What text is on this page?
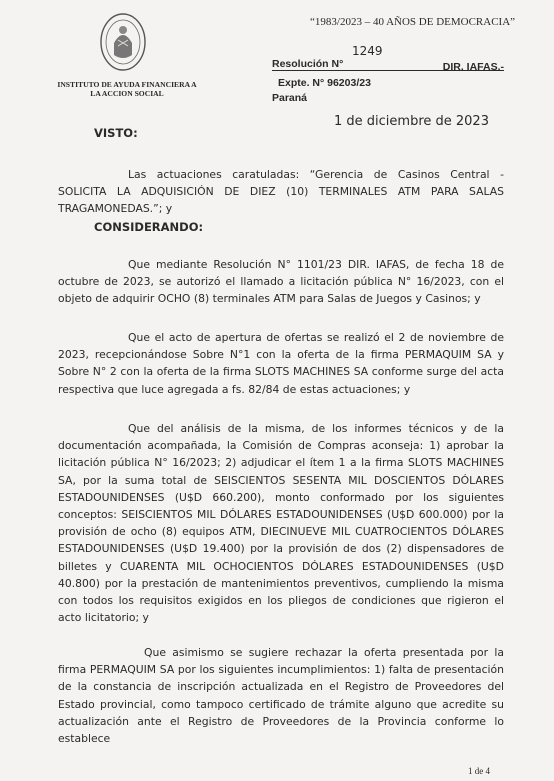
INSTITUTO DE AYUDA FINANCIERA A LA ACCION SOCIAL
“1983/2023 – 40 AÑOS DE DEMOCRACIA”
1249
Resolución N°	DIR. IAFAS.-
Expte. N° 96203/23
Paraná
1 de diciembre de 2023
VISTO:
Las actuaciones caratuladas: “Gerencia de Casinos Central - SOLICITA LA ADQUISICIÓN DE DIEZ (10) TERMINALES ATM PARA SALAS TRAGAMONEDAS.”; y
CONSIDERANDO:
Que mediante Resolución N° 1101/23 DIR. IAFAS, de fecha 18 de octubre de 2023, se autorizó el llamado a licitación pública N° 16/2023, con el objeto de adquirir OCHO (8) terminales ATM para Salas de Juegos y Casinos; y
Que el acto de apertura de ofertas se realizó el 2 de noviembre de 2023, recepcionándose Sobre N°1 con la oferta de la firma PERMAQUIM SA y Sobre N° 2 con la oferta de la firma SLOTS MACHINES SA conforme surge del acta respectiva que luce agregada a fs. 82/84 de estas actuaciones; y
Que del análisis de la misma, de los informes técnicos y de la documentación acompañada, la Comisión de Compras aconseja: 1) aprobar la licitación pública N° 16/2023; 2) adjudicar el ítem 1 a la firma SLOTS MACHINES SA, por la suma total de SEISCIENTOS SESENTA MIL DOSCIENTOS DÓLARES ESTADOUNIDENSES (U$D 660.200), monto conformado por los siguientes conceptos: SEISCIENTOS MIL DÓLARES ESTADOUNIDENSES (U$D 600.000) por la provisión de ocho (8) equipos ATM, DIECINUEVE MIL CUATROCIENTOS DÓLARES ESTADOUNIDENSES (U$D 19.400) por la provisión de dos (2) dispensadores de billetes y CUARENTA MIL OCHOCIENTOS DÓLARES ESTADOUNIDENSES (U$D 40.800) por la prestación de mantenimientos preventivos, cumpliendo la misma con todos los requisitos exigidos en los pliegos de condiciones que rigieron el acto licitatorio; y
Que asimismo se sugiere rechazar la oferta presentada por la firma PERMAQUIM SA por los siguientes incumplimientos: 1) falta de presentación de la constancia de inscripción actualizada en el Registro de Proveedores del Estado provincial, como tampoco certificado de trámite alguno que acredite su actualización ante el Registro de Proveedores de la Provincia conforme lo establece
1 de 4
